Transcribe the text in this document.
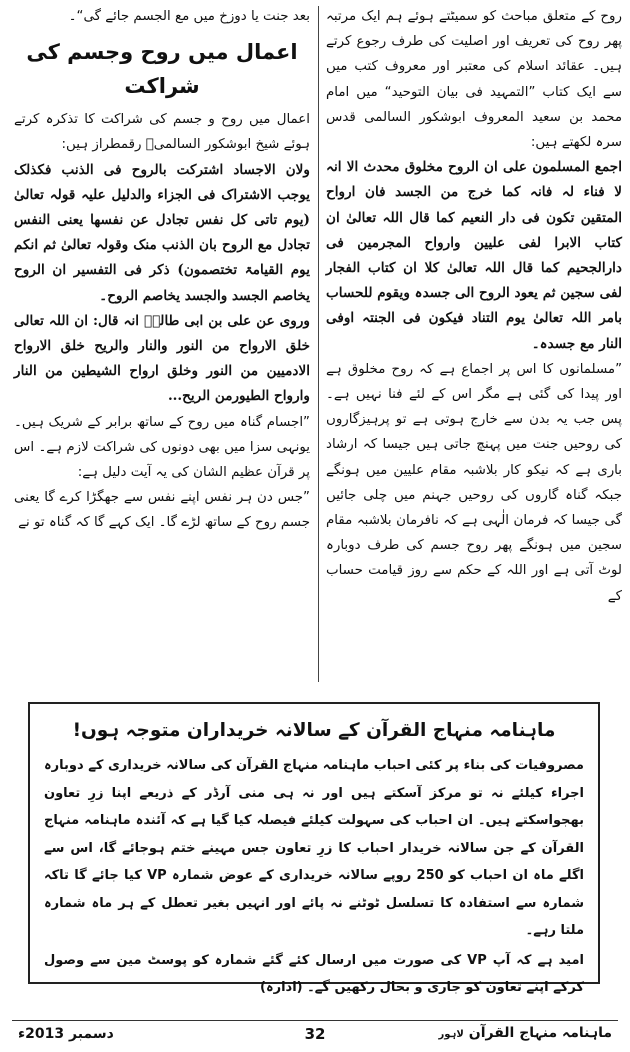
روح کے متعلق مباحث کو سمیٹتے ہوئے ہم ایک مرتبہ پھر روح کی تعریف اور اصلیت کی طرف رجوع کرتے ہیں۔ عقائد اسلام کی معتبر اور معروف کتب میں سے ایک کتاب ”التمہید فی بیان التوحید“ میں امام محمد بن سعید المعروف ابوشکور السالمی قدس سرہ لکھتے ہیں:

اجمع المسلمون علی ان الروح مخلوق محدث الا انہ لا فناء لہ فانہ کما خرج من الجسد فان ارواح المتقین تکون فی دار النعیم کما قال اللہ تعالیٰ ان کتاب الابرا لفی علیین وارواح المجرمین فی دارالجحیم کما قال اللہ تعالیٰ کلا ان کتاب الفجار لفی سجین ثم یعود الروح الی جسدہ ویقوم للحساب بامر اللہ تعالیٰ یوم التناد فیکون فی الجنتہ اوفی النار مع جسدہ۔

”مسلمانوں کا اس پر اجماع ہے کہ روح مخلوق ہے اور پیدا کی گئی ہے مگر اس کے لئے فنا نہیں ہے۔ پس جب یہ بدن سے خارج ہوتی ہے تو پرہیزگاروں کی روحیں جنت میں پہنچ جاتی ہیں جیسا کہ ارشاد باری ہے کہ نیکو کار بلاشبہ مقام علیین میں ہونگے جبکہ گناہ گاروں کی روحیں جہنم میں چلی جائیں گی جیسا کہ فرمان الٰہی ہے کہ نافرمان بلاشبہ مقام سجین میں ہونگے پھر روح جسم کی طرف دوبارہ لوٹ آتی ہے اور اللہ کے حکم سے روز قیامت حساب کے

بعد جنت یا دوزخ میں مع الجسم جائے گی“۔

اعمال میں روح وجسم کی شراکت

اعمال میں روح و جسم کی شراکت کا تذکرہ کرتے ہوئے شیخ ابوشکور السالمیؒ رقمطراز ہیں:

ولان الاجساد اشترکت بالروح فی الذنب فکذلک یوجب الاشتراک فی الجزاء والدلیل علیہ قولہ تعالیٰ (یوم تاتی کل نفس تجادل عن نفسھا یعنی النفس تجادل مع الروح بان الذنب منک وقولہ تعالیٰ ثم انکم یوم القیامۃ تختصمون) ذکر فی التفسیر ان الروح یخاصم الجسد والجسد یخاصم الروح۔

وروی عن علی بن ابی طالبؓ انہ قال: ان اللہ تعالی خلق الارواح من النور والنار والریح خلق الارواح الادمیین من النور وخلق ارواح الشیطین من النار وارواح الطیورمن الریح...

”اجسام گناہ میں روح کے ساتھ برابر کے شریک ہیں۔ یونہی سزا میں بھی دونوں کی شراکت لازم ہے۔ اس پر قرآن عظیم الشان کی یہ آیت دلیل ہے:

”جس دن ہر نفس اپنے نفس سے جھگڑا کرے گا یعنی جسم روح کے ساتھ لڑے گا۔ ایک کہے گا کہ گناہ تو نے

ماہنامہ منہاج القرآن کے سالانہ خریداران متوجہ ہوں!

مصروفیات کی بناء پر کئی احباب ماہنامہ منہاج القرآن کی سالانہ خریداری کے دوبارہ اجراء کیلئے نہ تو مرکز آسکتے ہیں اور نہ ہی منی آرڈر کے ذریعے اپنا زرِ تعاون بھجواسکتے ہیں۔ ان احباب کی سہولت کیلئے فیصلہ کیا گیا ہے کہ آئندہ ماہنامہ منہاج القرآن کے جن سالانہ خریدار احباب کا زرِ تعاون جس مہینے ختم ہوجائے گا، اس سے اگلے ماہ ان احباب کو 250 روپے سالانہ خریداری کے عوض شمارہ VP کیا جائے گا تاکہ شمارہ سے استفادہ کا تسلسل ٹوٹنے نہ پائے اور انہیں بغیر تعطل کے ہر ماہ شمارہ ملتا رہے۔

امید ہے کہ آپ VP کی صورت میں ارسال کئے گئے شمارہ کو پوسٹ مین سے وصول کرکے اپنے تعاون کو جاری و بحال رکھیں گے۔ (ادارہ)

دسمبر 2013ء	32	ماہنامہ منہاج القرآن لاہور
